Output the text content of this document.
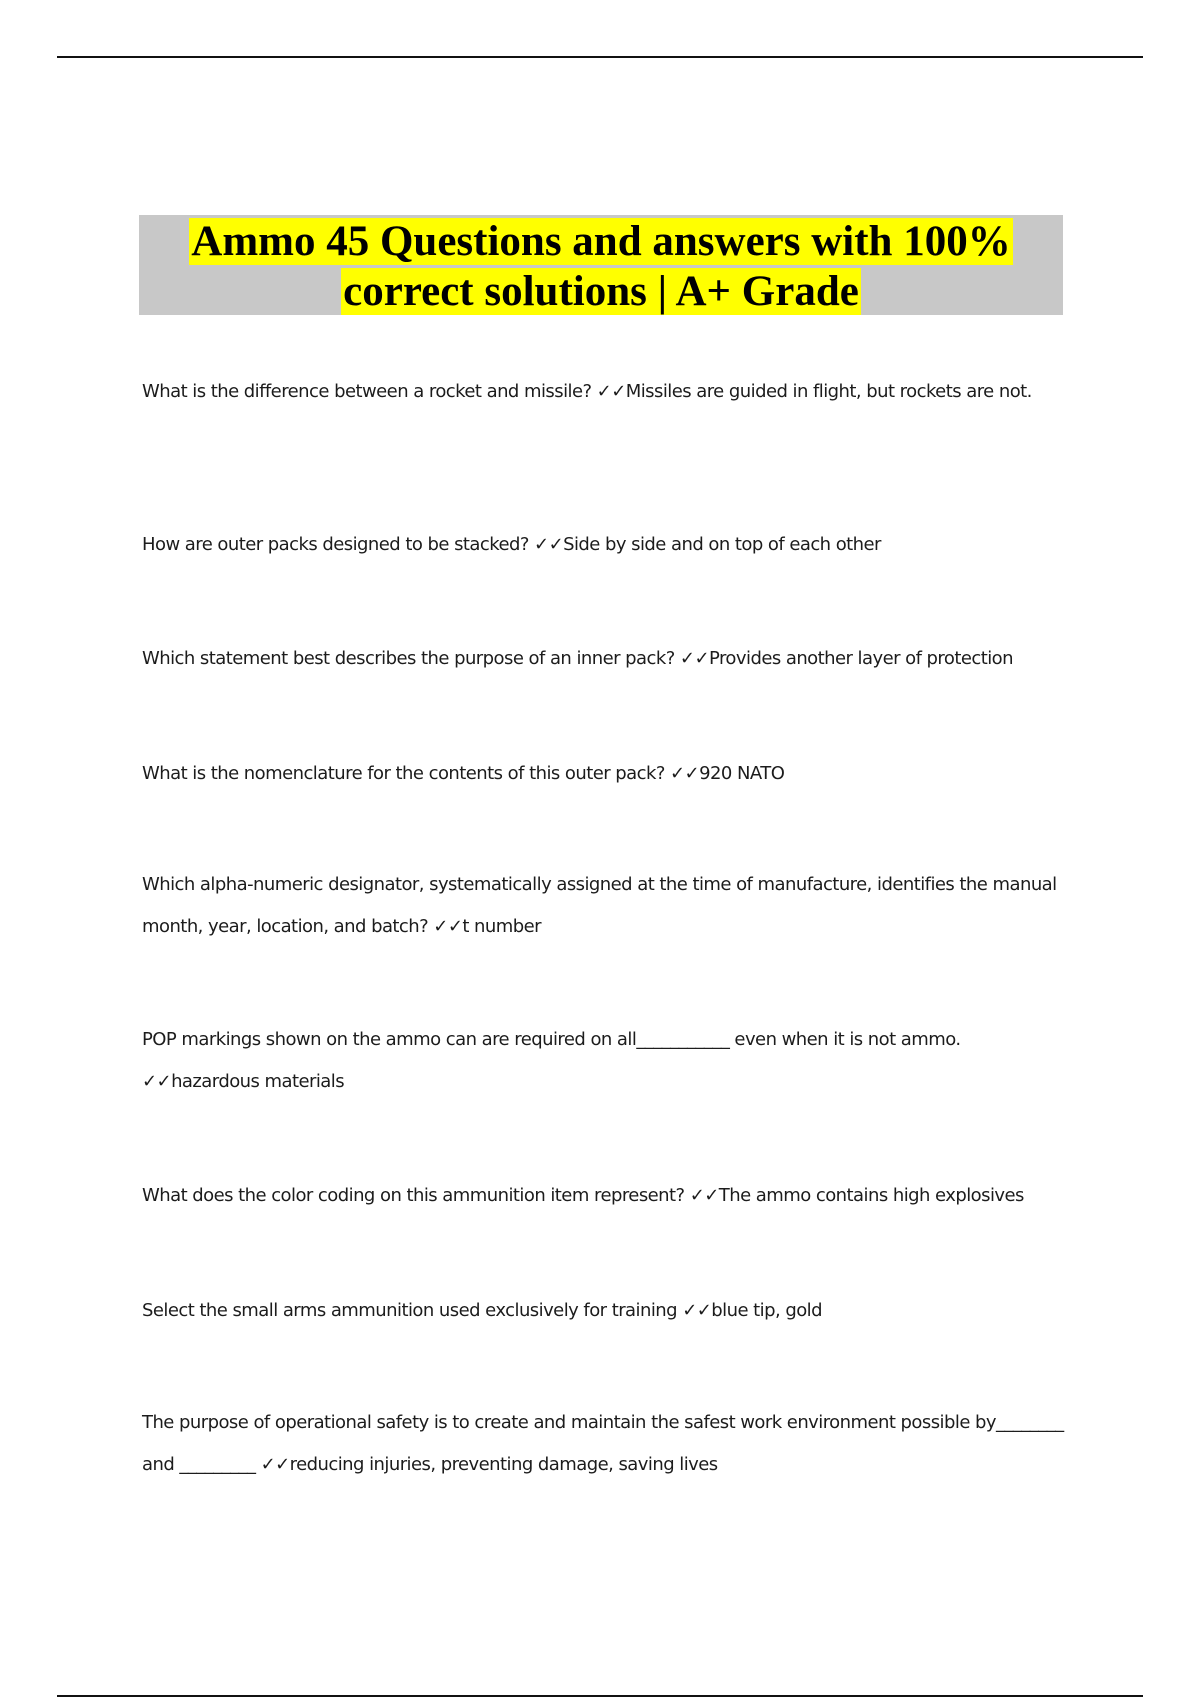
Ammo 45 Questions and answers with 100% correct solutions | A+ Grade

What is the difference between a rocket and missile? ✓✓Missiles are guided in flight, but rockets are not.

How are outer packs designed to be stacked? ✓✓Side by side and on top of each other

Which statement best describes the purpose of an inner pack? ✓✓Provides another layer of protection

What is the nomenclature for the contents of this outer pack? ✓✓920 NATO

Which alpha-numeric designator, systematically assigned at the time of manufacture, identifies the manual month, year, location, and batch? ✓✓t number

POP markings shown on the ammo can are required on all___________ even when it is not ammo. ✓✓hazardous materials

What does the color coding on this ammunition item represent? ✓✓The ammo contains high explosives

Select the small arms ammunition used exclusively for training ✓✓blue tip, gold

The purpose of operational safety is to create and maintain the safest work environment possible by________ and _________ ✓✓reducing injuries, preventing damage, saving lives
